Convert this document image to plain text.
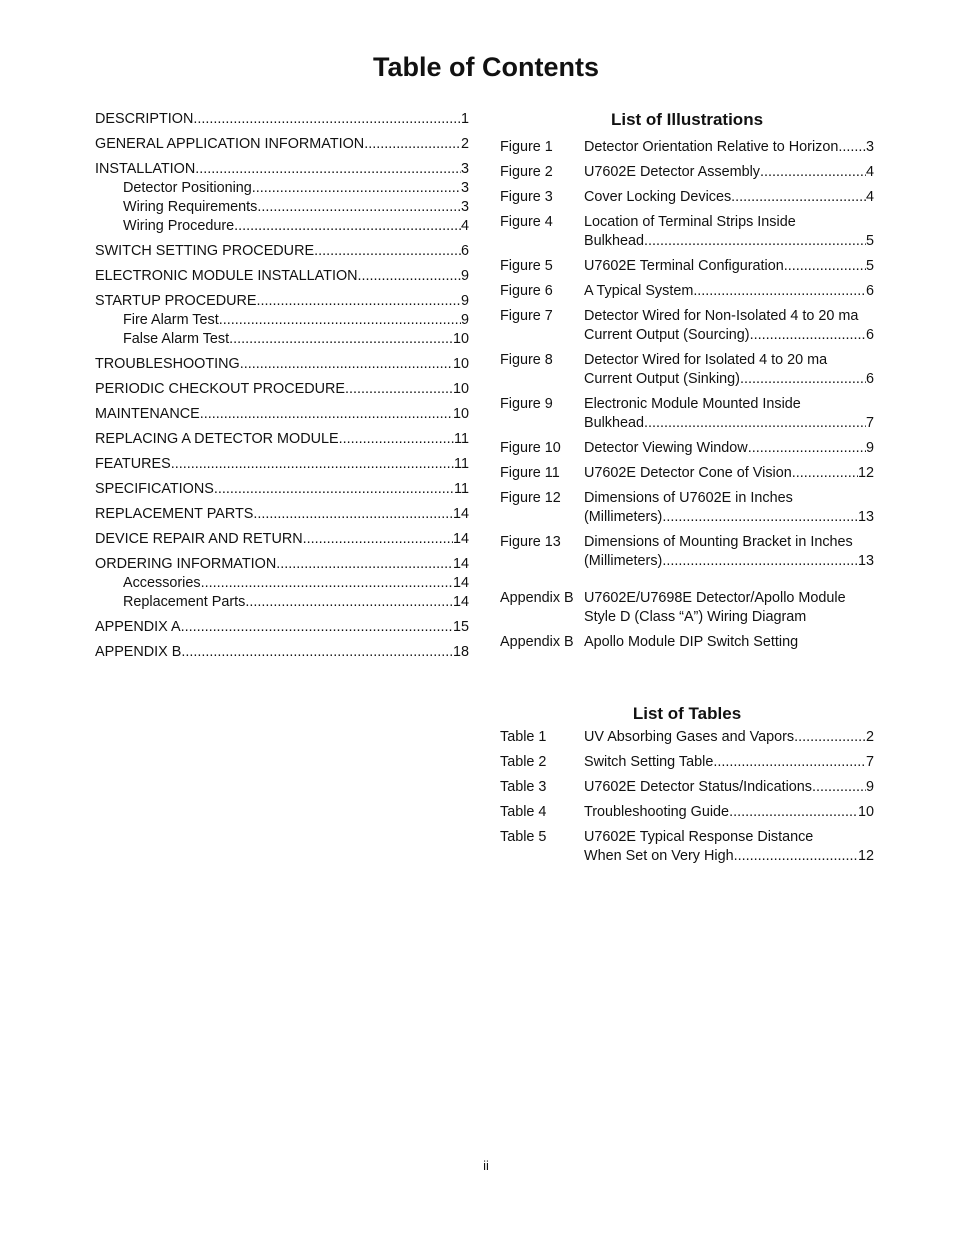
Table of Contents
DESCRIPTION .....	1
GENERAL APPLICATION INFORMATION .....	2
INSTALLATION .....	3
Detector Positioning .....	3
Wiring Requirements .....	3
Wiring Procedure .....	4
SWITCH SETTING PROCEDURE .....	6
ELECTRONIC MODULE INSTALLATION .....	9
STARTUP PROCEDURE .....	9
Fire Alarm Test .....	9
False Alarm Test .....	10
TROUBLESHOOTING .....	10
PERIODIC CHECKOUT PROCEDURE .....	10
MAINTENANCE .....	10
REPLACING A DETECTOR MODULE .....	11
FEATURES .....	11
SPECIFICATIONS .....	11
REPLACEMENT PARTS .....	14
DEVICE REPAIR AND RETURN .....	14
ORDERING INFORMATION .....	14
Accessories .....	14
Replacement Parts .....	14
APPENDIX A .....	15
APPENDIX B .....	18
List of Illustrations
Figure 1	Detector Orientation Relative to Horizon ..... 3
Figure 2	U7602E Detector Assembly .....	4
Figure 3	Cover Locking Devices .....	4
Figure 4	Location of Terminal Strips Inside
Bulkhead .....	5
Figure 5	U7602E Terminal Configuration .....	5
Figure 6	A Typical System .....	6
Figure 7	Detector Wired for Non-Isolated 4 to 20 ma
Current Output (Sourcing) .....	6
Figure 8	Detector Wired for Isolated 4 to 20 ma
Current Output (Sinking) .....	6
Figure 9	Electronic Module Mounted Inside
Bulkhead .....	7
Figure 10	Detector Viewing Window .....	9
Figure 11	U7602E Detector Cone of Vision .....	12
Figure 12	Dimensions of U7602E in Inches
(Millimeters) .....	13
Figure 13	Dimensions of Mounting Bracket in Inches
(Millimeters) .....	13
Appendix B U7602E/U7698E Detector/Apollo Module
Style D (Class “A”) Wiring Diagram
Appendix B Apollo Module DIP Switch Setting
List of Tables
Table 1	UV Absorbing Gases and Vapors .....	2
Table 2	Switch Setting Table .....	7
Table 3	U7602E Detector Status/Indications .....	9
Table 4	Troubleshooting Guide .....	10
Table 5	U7602E Typical Response Distance
When Set on Very High .....	12
ii
